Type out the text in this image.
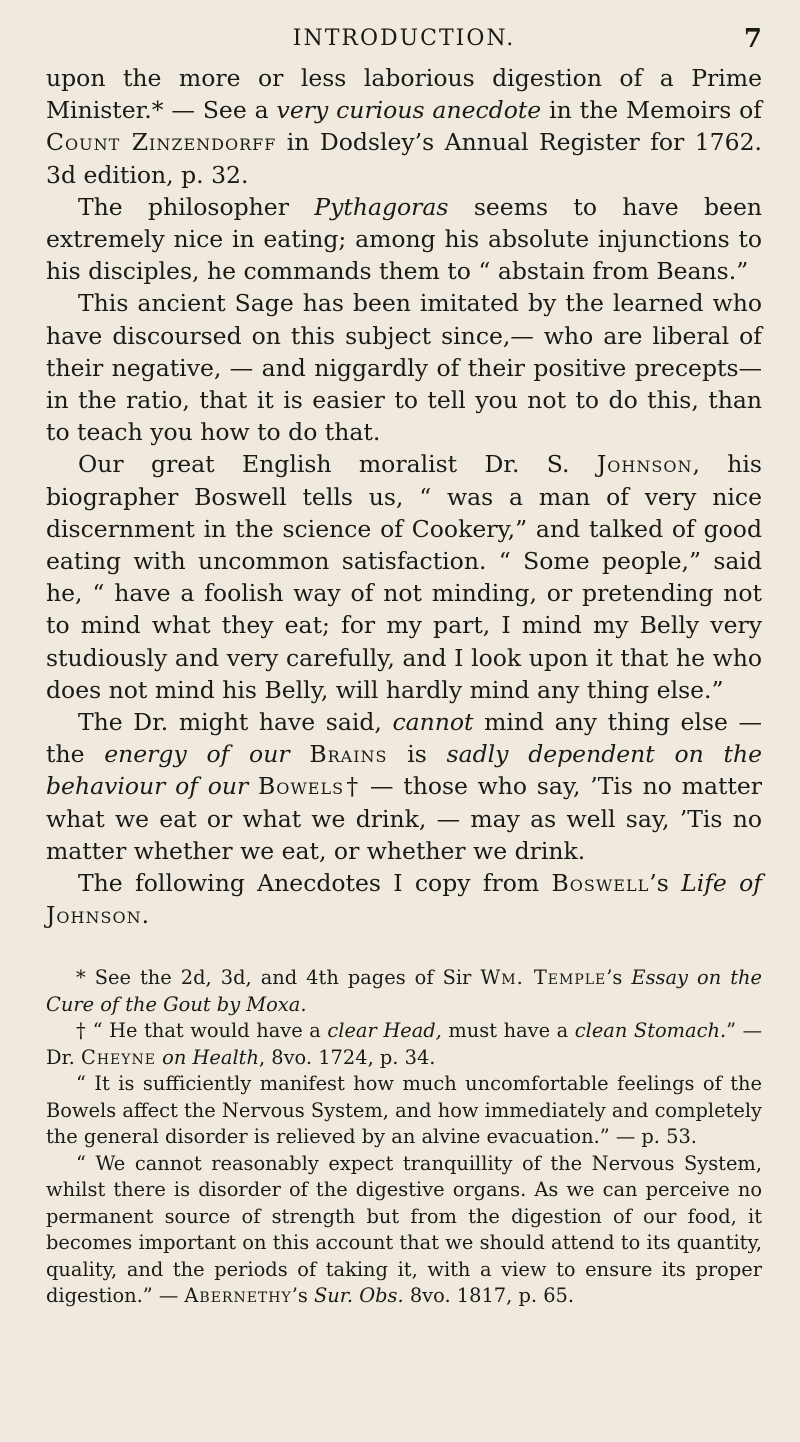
INTRODUCTION.	7

upon the more or less laborious digestion of a Prime Minister.* — See a very curious anecdote in the Memoirs of Count Zinzendorff in Dodsley’s Annual Register for 1762. 3d edition, p. 32.

The philosopher Pythagoras seems to have been extremely nice in eating; among his absolute injunctions to his disciples, he commands them to “ abstain from Beans.”

This ancient Sage has been imitated by the learned who have discoursed on this subject since,— who are liberal of their negative, — and niggardly of their positive precepts— in the ratio, that it is easier to tell you not to do this, than to teach you how to do that.

Our great English moralist Dr. S. Johnson, his biographer Boswell tells us, “ was a man of very nice discernment in the science of Cookery,” and talked of good eating with uncommon satisfaction. “ Some people,” said he, “ have a foolish way of not minding, or pretending not to mind what they eat; for my part, I mind my Belly very studiously and very carefully, and I look upon it that he who does not mind his Belly, will hardly mind any thing else.”

The Dr. might have said, cannot mind any thing else — the energy of our Brains is sadly dependent on the behaviour of our Bowels† — those who say, ’Tis no matter what we eat or what we drink, — may as well say, ’Tis no matter whether we eat, or whether we drink.

The following Anecdotes I copy from Boswell’s Life of Johnson.

* See the 2d, 3d, and 4th pages of Sir Wm. Temple’s Essay on the Cure of the Gout by Moxa.

† “ He that would have a clear Head, must have a clean Stomach.” — Dr. Cheyne on Health, 8vo. 1724, p. 34.

“ It is sufficiently manifest how much uncomfortable feelings of the Bowels affect the Nervous System, and how immediately and completely the general disorder is relieved by an alvine evacuation.” — p. 53.

“ We cannot reasonably expect tranquillity of the Nervous System, whilst there is disorder of the digestive organs. As we can perceive no permanent source of strength but from the digestion of our food, it becomes important on this account that we should attend to its quantity, quality, and the periods of taking it, with a view to ensure its proper digestion.” — Abernethy’s Sur. Obs. 8vo. 1817, p. 65.
